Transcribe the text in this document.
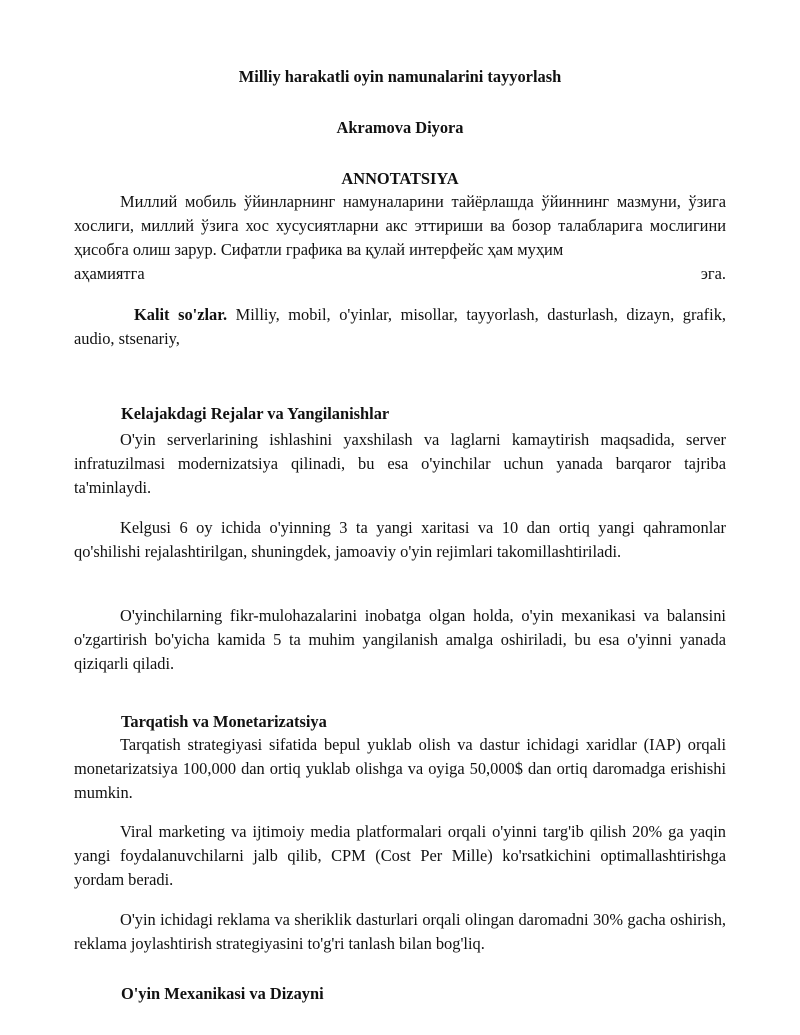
Milliy harakatli oyin namunalarini tayyorlash
Akramova Diyora
ANNOTATSIYA
Миллий мобиль ўйинларнинг намуналарини тайёрлашда ўйиннинг мазмуни, ўзига хослиги, миллий ўзига хос хусусиятларни акс эттириши ва бозор талабларига мослигини ҳисобга олиш зарур. Сифатли графика ва қулай интерфейс ҳам муҳим
аҳамиятга	эга.
Kalit so'zlar. Milliy, mobil, o'yinlar, misollar, tayyorlash, dasturlash, dizayn, grafik, audio, stsenariy,
Kelajakdagi Rejalar va Yangilanishlar
O'yin serverlarining ishlashini yaxshilash va laglarni kamaytirish maqsadida, server infratuzilmasi modernizatsiya qilinadi, bu esa o'yinchilar uchun yanada barqaror tajriba ta'minlaydi.
Kelgusi 6 oy ichida o'yinning 3 ta yangi xaritasi va 10 dan ortiq yangi qahramonlar qo'shilishi rejalashtirilgan, shuningdek, jamoaviy o'yin rejimlari takomillashtiriladi.
O'yinchilarning fikr-mulohazalarini inobatga olgan holda, o'yin mexanikasi va balansini o'zgartirish bo'yicha kamida 5 ta muhim yangilanish amalga oshiriladi, bu esa o'yinni yanada qiziqarli qiladi.
Tarqatish va Monetarizatsiya
Tarqatish strategiyasi sifatida bepul yuklab olish va dastur ichidagi xaridlar (IAP) orqali monetarizatsiya 100,000 dan ortiq yuklab olishga va oyiga 50,000$ dan ortiq daromadga erishishi mumkin.
Viral marketing va ijtimoiy media platformalari orqali o'yinni targ'ib qilish 20% ga yaqin yangi foydalanuvchilarni jalb qilib, CPM (Cost Per Mille) ko'rsatkichini optimallashtirishga yordam beradi.
O'yin ichidagi reklama va sheriklik dasturlari orqali olingan daromadni 30% gacha oshirish, reklama joylashtirish strategiyasini to'g'ri tanlash bilan bog'liq.
O'yin Mexanikasi va Dizayni
